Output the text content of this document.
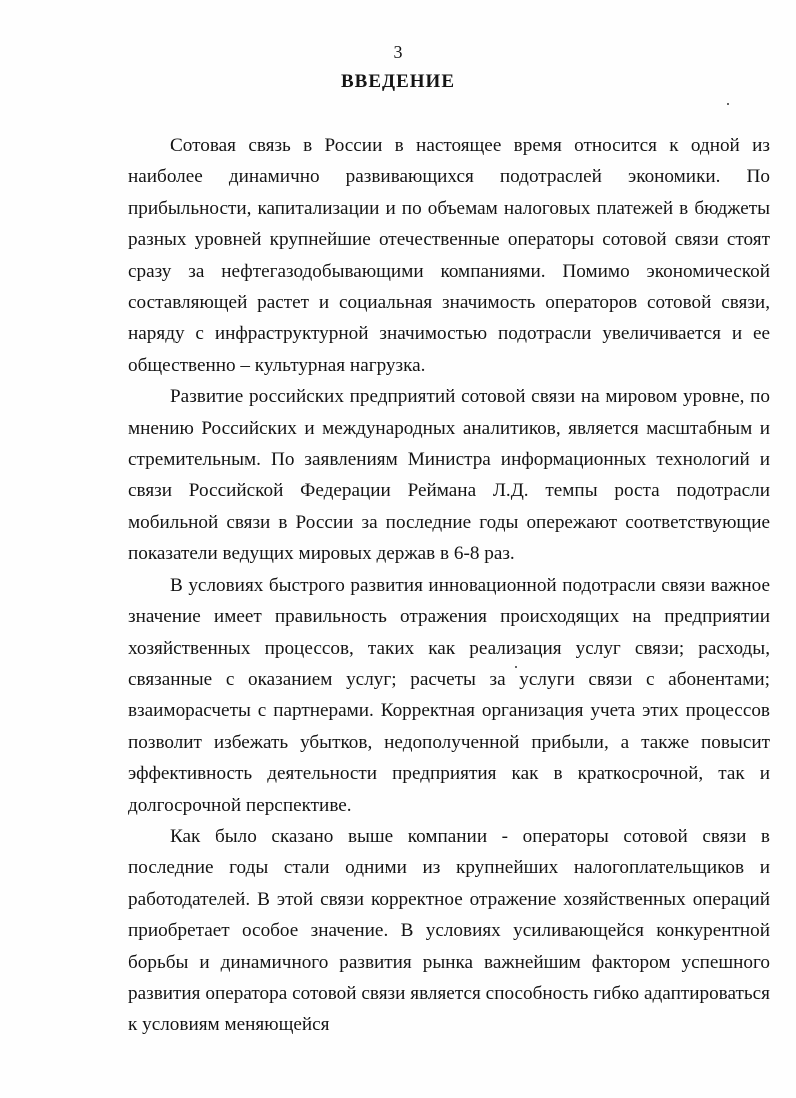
3
ВВЕДЕНИЕ

Сотовая связь в России в настоящее время относится к одной из наиболее динамично развивающихся подотраслей экономики. По прибыльности, капитализации и по объемам налоговых платежей в бюджеты разных уровней крупнейшие отечественные операторы сотовой связи стоят сразу за нефтегазодобывающими компаниями. Помимо экономической составляющей растет и социальная значимость операторов сотовой связи, наряду с инфраструктурной значимостью подотрасли увеличивается и ее общественно – культурная нагрузка.

Развитие российских предприятий сотовой связи на мировом уровне, по мнению Российских и международных аналитиков, является масштабным и стремительным. По заявлениям Министра информационных технологий и связи Российской Федерации Реймана Л.Д. темпы роста подотрасли мобильной связи в России за последние годы опережают соответствующие показатели ведущих мировых держав в 6-8 раз.

В условиях быстрого развития инновационной подотрасли связи важное значение имеет правильность отражения происходящих на предприятии хозяйственных процессов, таких как реализация услуг связи; расходы, связанные с оказанием услуг; расчеты за услуги связи с абонентами; взаиморасчеты с партнерами. Корректная организация учета этих процессов позволит избежать убытков, недополученной прибыли, а также повысит эффективность деятельности предприятия как в краткосрочной, так и долгосрочной перспективе.

Как было сказано выше компании - операторы сотовой связи в последние годы стали одними из крупнейших налогоплательщиков и работодателей. В этой связи корректное отражение хозяйственных операций приобретает особое значение. В условиях усиливающейся конкурентной борьбы и динамичного развития рынка важнейшим фактором успешного развития оператора сотовой связи является способность гибко адаптироваться к условиям меняющейся
